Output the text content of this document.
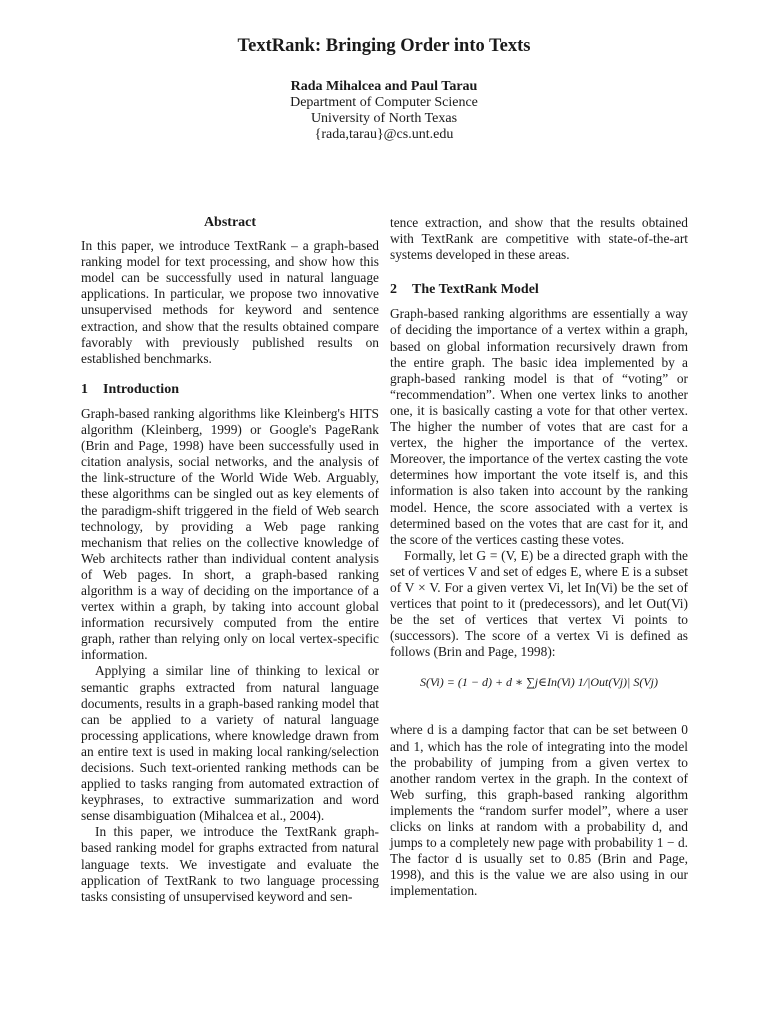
TextRank: Bringing Order into Texts
Rada Mihalcea and Paul Tarau
Department of Computer Science
University of North Texas
{rada,tarau}@cs.unt.edu
Abstract

In this paper, we introduce TextRank – a graph-based ranking model for text processing, and show how this model can be successfully used in natural language applications. In particular, we propose two innovative unsupervised methods for keyword and sentence extraction, and show that the results obtained compare favorably with previously published results on established benchmarks.

1 Introduction

Graph-based ranking algorithms like Kleinberg's HITS algorithm (Kleinberg, 1999) or Google's PageRank (Brin and Page, 1998) have been successfully used in citation analysis, social networks, and the analysis of the link-structure of the World Wide Web. Arguably, these algorithms can be singled out as key elements of the paradigm-shift triggered in the field of Web search technology, by providing a Web page ranking mechanism that relies on the collective knowledge of Web architects rather than individual content analysis of Web pages. In short, a graph-based ranking algorithm is a way of deciding on the importance of a vertex within a graph, by taking into account global information recursively computed from the entire graph, rather than relying only on local vertex-specific information.

Applying a similar line of thinking to lexical or semantic graphs extracted from natural language documents, results in a graph-based ranking model that can be applied to a variety of natural language processing applications, where knowledge drawn from an entire text is used in making local ranking/selection decisions. Such text-oriented ranking methods can be applied to tasks ranging from automated extraction of keyphrases, to extractive summarization and word sense disambiguation (Mihalcea et al., 2004).

In this paper, we introduce the TextRank graph-based ranking model for graphs extracted from natural language texts. We investigate and evaluate the application of TextRank to two language processing tasks consisting of unsupervised keyword and sen-

tence extraction, and show that the results obtained with TextRank are competitive with state-of-the-art systems developed in these areas.

2 The TextRank Model

Graph-based ranking algorithms are essentially a way of deciding the importance of a vertex within a graph, based on global information recursively drawn from the entire graph. The basic idea implemented by a graph-based ranking model is that of “voting” or “recommendation”. When one vertex links to another one, it is basically casting a vote for that other vertex. The higher the number of votes that are cast for a vertex, the higher the importance of the vertex. Moreover, the importance of the vertex casting the vote determines how important the vote itself is, and this information is also taken into account by the ranking model. Hence, the score associated with a vertex is determined based on the votes that are cast for it, and the score of the vertices casting these votes.

Formally, let G = (V, E) be a directed graph with the set of vertices V and set of edges E, where E is a subset of V × V. For a given vertex Vi, let In(Vi) be the set of vertices that point to it (predecessors), and let Out(Vi) be the set of vertices that vertex Vi points to (successors). The score of a vertex Vi is defined as follows (Brin and Page, 1998):

S(Vi) = (1 − d) + d ∗ ∑j∈In(Vi) 1/|Out(Vj)| S(Vj)

where d is a damping factor that can be set between 0 and 1, which has the role of integrating into the model the probability of jumping from a given vertex to another random vertex in the graph. In the context of Web surfing, this graph-based ranking algorithm implements the “random surfer model”, where a user clicks on links at random with a probability d, and jumps to a completely new page with probability 1 − d. The factor d is usually set to 0.85 (Brin and Page, 1998), and this is the value we are also using in our implementation.
